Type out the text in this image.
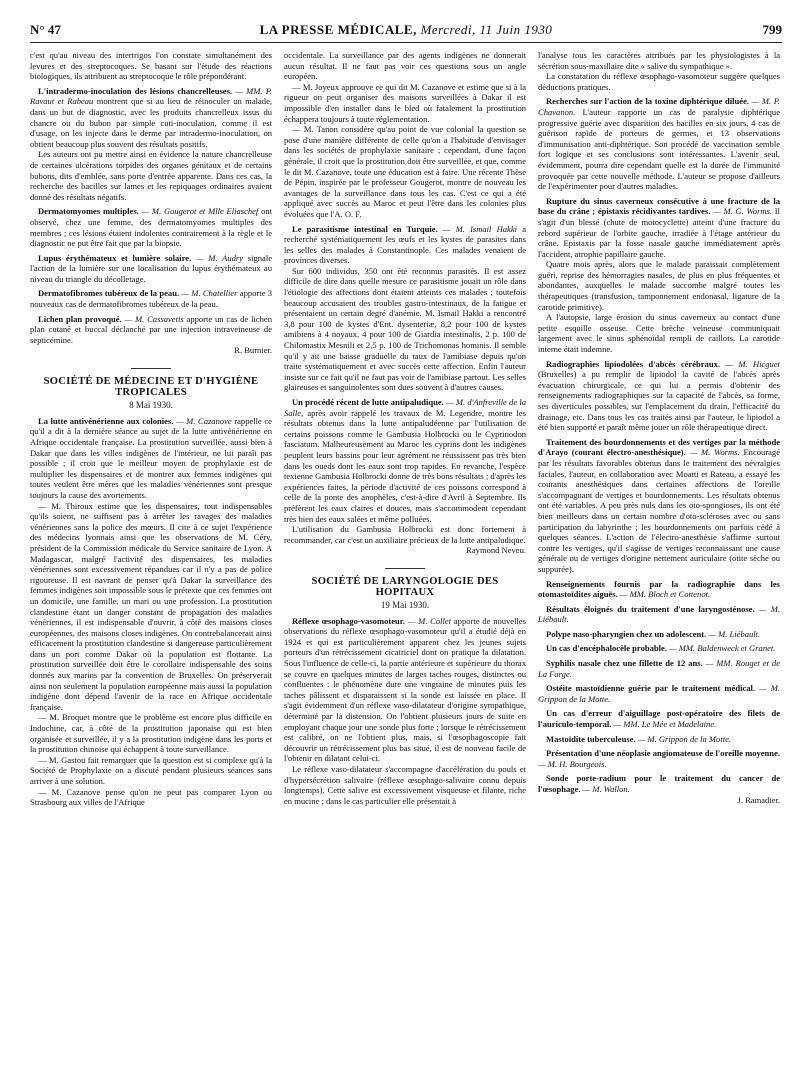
N° 47	LA PRESSE MÉDICALE, Mercredi, 11 Juin 1930	799

c'est qu'au niveau des intertrigos l'on constate simultanément des levures et des streptocoques. Se basant sur l'étude des réactions biologiques, ils attribuent au streptocoque le rôle prépondérant.

L'intradermo-inoculation des lésions chancrelleuses. — MM. P. Ravaut et Rabeau montrent que si au lieu de réinoculer un malade, dans un but de diagnostic, avec les produits chancrelleux issus du chancre ou du bubon par simple cuti-inoculation, comme il est d'usage, on les injecte dans le derme par intradermo-inoculation, on obtient beaucoup plus souvent des résultats positifs.

Les auteurs ont pu mettre ainsi en évidence la nature chancrelleuse de certaines ulcérations torpides des organes génitaux et de certains bubons, dits d'emblée, sans porte d'entrée apparente. Dans ces cas, la recherche des bacilles sur lames et les repiquages ordinaires avaient donné des résultats négatifs.

Dermatomyomes multiples. — M. Gougerot et Mlle Eliaschef ont observé, chez une femme, des dermatomyomes multiples des membres ; ces lésions étaient indolentes contrairement à la règle et le diagnostic ne put être fait que par la biopsie.

Lupus érythémateux et lumière solaire. — M. Audry signale l'action de la lumière sur une localisation du lupus érythémateux au niveau du triangle du décolletage.

Dermatofibromes tubéreux de la peau. — M. Chatellier apporte 3 nouveaux cas de dermatofibromes tubéreux de la peau.

Lichen plan provoqué. — M. Cassavetis apporte un cas de lichen plan cutané et buccal déclanché par une injection intraveineuse de septicémine.

R. Burnier.

SOCIÉTÉ DE MÉDECINE ET D'HYGIÈNE TROPICALES
8 Mai 1930.

La lutte antivénérienne aux colonies. — M. Cazanove rappelle ce qu'il a dit à la dernière séance au sujet de la lutte antivénérienne en Afrique occidentale française. La prostitution surveillée, aussi bien à Dakar que dans les villes indigènes de l'intérieur, ne lui paraît pas possible ; il croit que le meilleur moyen de prophylaxie est de multiplier les dispensaires et de montrer aux femmes indigènes qui toutes veulent être mères que les maladies vénériennes sont presque toujours la cause des avortements.

— M. Thiroux estime que les dispensaires, tout indispensables qu'ils soient, ne suffisent pas à arrêter les ravages des maladies vénériennes sans la police des mœurs. Il cite à ce sujet l'expérience des médecins lyonnais ainsi que les observations de M. Céry, président de la Commission médicale du Service sanitaire de Lyon. A Madagascar, malgré l'activité des dispensaires, les maladies vénériennes sont excessivement répandues car il n'y a pas de police rigoureuse. Il est navrant de penser qu'à Dakar la surveillance des femmes indigènes soit impossible sous le prétexte que ces femmes ont un domicile, une famille, un mari ou une profession. La prostitution clandestine étant un danger constant de propagation des maladies vénériennes, il est indispensable d'ouvrir, à côté des maisons closes européennes, des maisons closes indigènes. On contrebalancerait ainsi efficacement la prostitution clandestine si dangereuse particulièrement dans un port comme Dakar où la population est flottante. La prostitution surveillée doit être le corollaire indispensable des soins donnés aux marins par la convention de Bruxelles. On préserverait ainsi non seulement la population européenne mais aussi la population indigène dont dépend l'avenir de la race en Afrique occidentale française.

— M. Broquet montre que le problème est encore plus difficile en Indochine, car, à côté de la prostitution japonaise qui est bien organisée et surveillée, il y a la prostitution indigène dans les ports et la prostitution chinoise qui échappent à toute surveillance.

— M. Gastou fait remarquer que la question est si complexe qu'à la Société de Prophylaxie on a discuté pendant plusieurs séances sans arriver à une solution.

— M. Cazanove pense qu'on ne peut pas comparer Lyon ou Strasbourg aux villes de l'Afrique

occidentale. La surveillance par des agents indigènes ne donnerait aucun résultat. Il ne faut pas voir ces questions sous un angle européen.

— M. Joyeux approuve ce qui dit M. Cazanove et estime que si à la rigueur on peut organiser des maisons surveillées à Dakar il est impossible d'en installer dans le bled où fatalement la prostitution échappera toujours à toute réglementation.

— M. Tanon considère qu'au point de vue colonial la question se pose d'une manière différente de celle qu'on a l'habitude d'envisager dans les sociétés de prophylaxie sanitaire ; cependant, d'une façon générale, il croit que la prostitution doit être surveillée, et que, comme le dit M. Cazanove, toute une éducation est à faire. Une récente Thèse de Pépin, inspirée par le professeur Gougerot, montre de nouveau les avantages de la surveillance dans tous les cas. C'est ce qui a été appliqué avec succès au Maroc et peut l'être dans les colonies plus évoluées que l'A. O. F.

Le parasitisme intestinal en Turquie. — M. Ismail Hakki a recherché systématiquement les œufs et les kystes de parasites dans les selles des malades à Constantinople. Ces malades venaient de provinces diverses.

Sur 600 individus, 350 ont été reconnus parasités. Il est assez difficile de dire dans quelle mesure ce parasitisme jouait un rôle dans l'étiologie des affections dont étaient atteints ces malades ; toutefois beaucoup accusaient des troubles gastro-intestinaux, de la fatigue et présentaient un certain degré d'anémie. M. Ismail Hakki a rencontré 3,8 pour 100 de kystes d'Ent. dysenteriæ, 8,2 pour 100 de kystes amibiens à 4 noyaux, 4 pour 100 de Giardia intestinalis, 2 p. 100 de Chilomastix Mesnili et 2,5 p. 100 de Trichomonas hominis. Il semble qu'il y ait une baisse graduelle du taux de l'amibiase depuis qu'on traite systématiquement et avec succès cette affection. Enfin l'auteur insiste sur ce fait qu'il ne faut pas voir de l'amibiase partout. Les selles glaireuses et sanguinolentes sont dues souvent à d'autres causes.

Un procédé récent de lutte antipaludique. — M. d'Anfreville de la Salle, après avoir rappelé les travaux de M. Legendre, montre les résultats obtenus dans la lutte antipaludéenne par l'utilisation de certains poissons comme le Gambusia Holbrocki ou le Cyprinodon fasciatum. Malheureusement au Maroc les cyprins dont les indigènes peuplent leurs bassins pour leur agrément ne réussissent pas très bien dans les oueds dont les eaux sont trop rapides. En revanche, l'espèce texienne Gambusia Holbrocki donne de très bons résultats ; d'après les expériences faites, la période d'activité de ces poissons correspond à celle de la ponte des anophèles, c'est-à-dire d'Avril à Septembre. Ils préfèrent les eaux claires et douces, mais s'accommodent cependant très bien des eaux salées et même polluées.

L'utilisation du Gambusia Holbrocki est donc fortement à recommander, car c'est un auxiliaire précieux de la lutte antipaludique.

Raymond Neveu.

SOCIÉTÉ DE LARYNGOLOGIE DES HOPITAUX
19 Mai 1930.

Réflexe œsophago-vasomoteur. — M. Collet apporte de nouvelles observations du réflexe œsophago-vasomoteur qu'il a étudié déjà en 1924 et qui est particulièrement apparent chez les jeunes sujets porteurs d'un rétrécissement cicatriciel dont on pratique la dilatation. Sous l'influence de celle-ci, la partie antérieure et supérieure du thorax se couvre en quelques minutes de larges taches rouges, distinctes ou confluentes : le phénomène dure une vingtaine de minutes puis les taches pâlissent et disparaissent si la sonde est laissée en place. Il s'agit évidemment d'un réflexe vaso-dilatateur d'origine sympathique, déterminé par la distension. On l'obtient plusieurs jours de suite en employant chaque jour une sonde plus forte ; lorsque le rétrécissement est calibré, on ne l'obtient plus, mais, si l'œsophagoscopie fait découvrir un rétrécissement plus bas situé, il est de nouveau facile de l'obtenir en dilatant celui-ci.

Le réflexe vaso-dilatateur s'accompagne d'accélération du pouls et d'hypersécrétion salivaire (réflexe œsophago-salivaire connu depuis longtemps). Cette salive est excessivement visqueuse et filante, riche en mucine ; dans le cas particulier elle présentait à

l'analyse tous les caractères attribués par les physiologistes à la sécrétion sous-maxillaire dite « salive du sympathique ».

La constatation du réflexe œsophago-vasomoteur suggère quelques déductions pratiques.

Recherches sur l'action de la toxine diphtérique diluée. — M. P. Chavanon. L'auteur rapporte un cas de paralysie diphtérique progressive guérie avec disparition des bacilles en six jours, 4 cas de guérison rapide de porteurs de germes, et 13 observations d'immunisation anti-diphtérique. Son procédé de vaccination semble fort logique et ses conclusions sont intéressantes. L'avenir seul, évidemment, pourra dire cependant quelle est la durée de l'immunité provoquée par cette nouvelle méthode. L'auteur se propose d'ailleurs de l'expérimenter pour d'autres maladies.

Rupture du sinus caverneux consécutive à une fracture de la base du crâne ; épistaxis récidivantes tardives. — M. G. Worms. Il s'agit d'un blessé (chute de motocyclette) atteint d'une fracture du rebord supérieur de l'orbite gauche, irradiée à l'étage antérieur du crâne. Epistaxis par la fosse nasale gauche immédiatement après l'accident, atrophie papillaire gauche.

Quatre mois après, alors que le malade paraissait complètement guéri, reprise des hémorragies nasales, de plus en plus fréquentes et abondantes, auxquelles le malade succombe malgré toutes les thérapeutiques (transfusion, tamponnement endonasal, ligature de la carotide primitive).

A l'autopsie, large érosion du sinus caverneux au contact d'une petite esquille osseuse. Cette brèche veineuse communiquait largement avec le sinus sphénoïdal rempli de caillots. La carotide interne était indemne.

Radiographies lipiodolées d'abcès cérébraux. — M. Hicguet (Bruxelles) a pu remplir de lipiodol la cavité de l'abcès après évacuation chirurgicale, ce qui lui a permis d'obtenir des renseignements radiographiques sur la capacité de l'abcès, sa forme, ses diverticules possibles, sur l'emplacement du drain, l'efficacité du drainage, etc. Dans tous les cas traités ainsi par l'auteur, le lipiodol a été bien supporté et paraît même jouer un rôle thérapeutique direct.

Traitement des bourdonnements et des vertiges par la méthode d'Arayo (courant électro-anesthésique). — M. Worms. Encouragé par les résultats favorables obtenus dans le traitement des névralgies faciales, l'auteur, en collaboration avec Moatti et Rateau, a essayé les courants anesthésiques dans certaines affections de l'oreille s'accompagnant de vertiges et bourdonnements. Les résultats obtenus ont été variables. A peu près nuls dans les oto-spongioses, ils ont été bien meilleurs dans un certain nombre d'oto-scléroses avec ou sans participation du labyrinthe ; les bourdonnements ont parfois cédé à quelques séances. L'action de l'électro-anesthésie s'affirme surtout contre les vertiges, qu'il s'agisse de vertiges reconnaissant une cause générale ou de vertiges d'origine nettement auriculaire (otite sèche ou suppurée).

Renseignements fournis par la radiographie dans les otomastoïdites aiguës. — MM. Bloch et Cottenot.

Résultats éloignés du traitement d'une laryngosténose. — M. Liébault.

Polype naso-pharyngien chez un adolescent. — M. Liébault.

Un cas d'encéphalocèle probable. — MM. Baldenweck et Granet.

Syphilis nasale chez une fillette de 12 ans. — MM. Rouget et de La Farge.

Ostéite mastoïdienne guérie par le traitement médical. — M. Grippon de la Motte.

Un cas d'erreur d'aiguillage post-opératoire des filets de l'auriculo-temporal. — MM. Le Mée et Madelaine.

Mastoïdite tuberculeuse. — M. Grippon de la Motte.

Présentation d'une néoplasie angiomateuse de l'oreille moyenne. — M. H. Bourgeois.

Sonde porte-radium pour le traitement du cancer de l'œsophage. — M. Wallon.

J. Ramadier.
